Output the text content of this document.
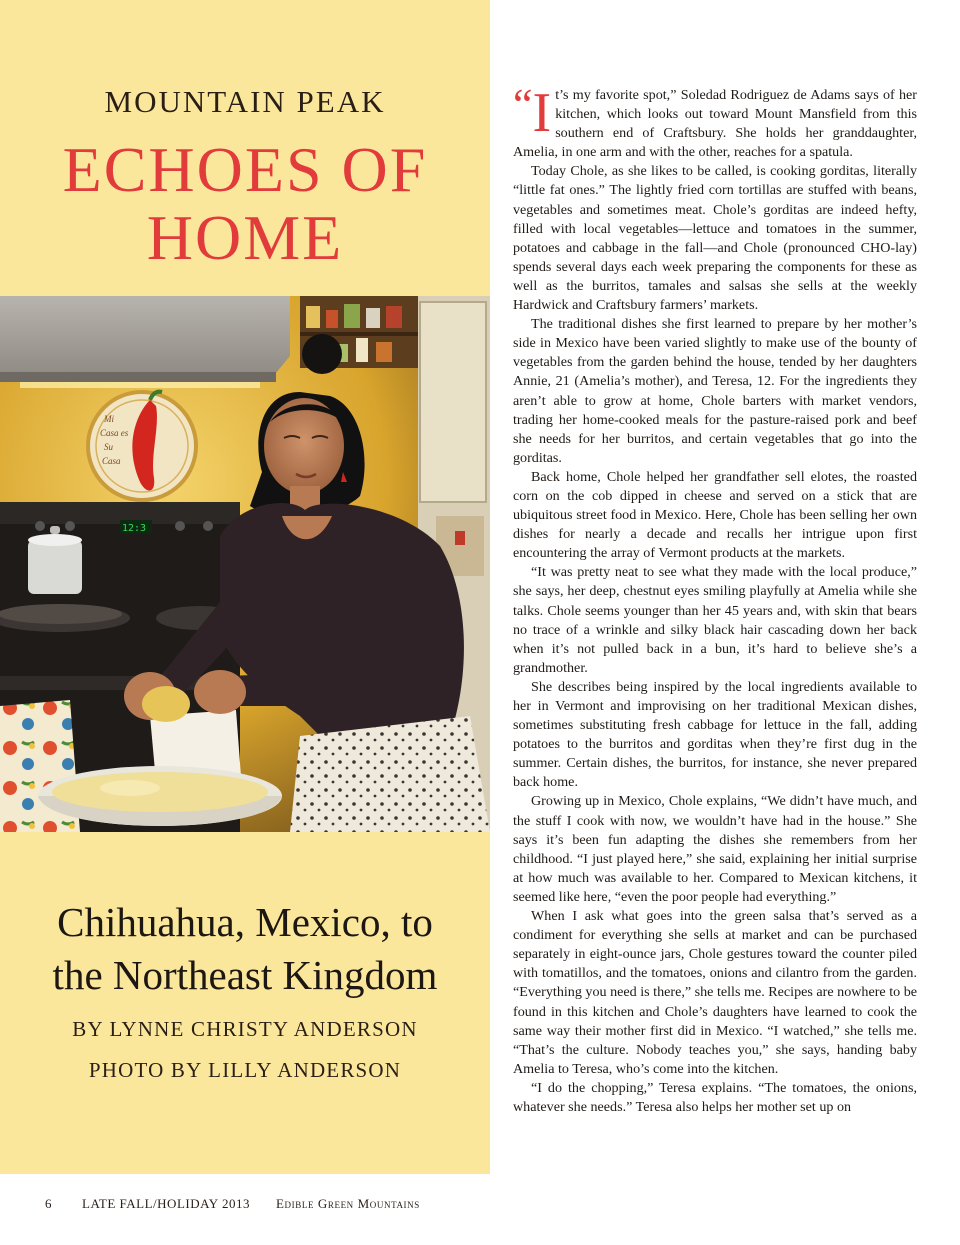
MOUNTAIN PEAK
ECHOES OF
HOME
Mi
Casa es
Su
Casa
12:3
Chihuahua, Mexico, to
the Northeast Kingdom
BY LYNNE CHRISTY ANDERSON
PHOTO BY LILLY ANDERSON
“I t’s my favorite spot,” Soledad Rodriguez de Adams says of her kitchen, which looks out toward Mount Mansfield from this southern end of Craftsbury. She holds her granddaughter, Amelia, in one arm and with the other, reaches for a spatula.

Today Chole, as she likes to be called, is cooking gorditas, literally “little fat ones.” The lightly fried corn tortillas are stuffed with beans, vegetables and sometimes meat. Chole’s gorditas are indeed hefty, filled with local vegetables—lettuce and tomatoes in the summer, potatoes and cabbage in the fall—and Chole (pronounced CHO-lay) spends several days each week preparing the components for these as well as the burritos, tamales and salsas she sells at the weekly Hardwick and Craftsbury farmers’ markets.

The traditional dishes she first learned to prepare by her mother’s side in Mexico have been varied slightly to make use of the bounty of vegetables from the garden behind the house, tended by her daughters Annie, 21 (Amelia’s mother), and Teresa, 12. For the ingredients they aren’t able to grow at home, Chole barters with market vendors, trading her home-cooked meals for the pasture-raised pork and beef she needs for her burritos, and certain vegetables that go into the gorditas.

Back home, Chole helped her grandfather sell elotes, the roasted corn on the cob dipped in cheese and served on a stick that are ubiquitous street food in Mexico. Here, Chole has been selling her own dishes for nearly a decade and recalls her intrigue upon first encountering the array of Vermont products at the markets.

“It was pretty neat to see what they made with the local produce,” she says, her deep, chestnut eyes smiling playfully at Amelia while she talks. Chole seems younger than her 45 years and, with skin that bears no trace of a wrinkle and silky black hair cascading down her back when it’s not pulled back in a bun, it’s hard to believe she’s a grandmother.

She describes being inspired by the local ingredients available to her in Vermont and improvising on her traditional Mexican dishes, sometimes substituting fresh cabbage for lettuce in the fall, adding potatoes to the burritos and gorditas when they’re first dug in the summer. Certain dishes, the burritos, for instance, she never prepared back home.

Growing up in Mexico, Chole explains, “We didn’t have much, and the stuff I cook with now, we wouldn’t have had in the house.” She says it’s been fun adapting the dishes she remembers from her childhood. “I just played here,” she said, explaining her initial surprise at how much was available to her. Compared to Mexican kitchens, it seemed like here, “even the poor people had everything.”

When I ask what goes into the green salsa that’s served as a condiment for everything she sells at market and can be purchased separately in eight-ounce jars, Chole gestures toward the counter piled with tomatillos, and the tomatoes, onions and cilantro from the garden. “Everything you need is there,” she tells me. Recipes are nowhere to be found in this kitchen and Chole’s daughters have learned to cook the same way their mother first did in Mexico. “I watched,” she tells me. “That’s the culture. Nobody teaches you,” she says, handing baby Amelia to Teresa, who’s come into the kitchen.

“I do the chopping,” Teresa explains. “The tomatoes, the onions, whatever she needs.” Teresa also helps her mother set up on

6 LATE FALL/HOLIDAY 2013 Edible Green Mountains
